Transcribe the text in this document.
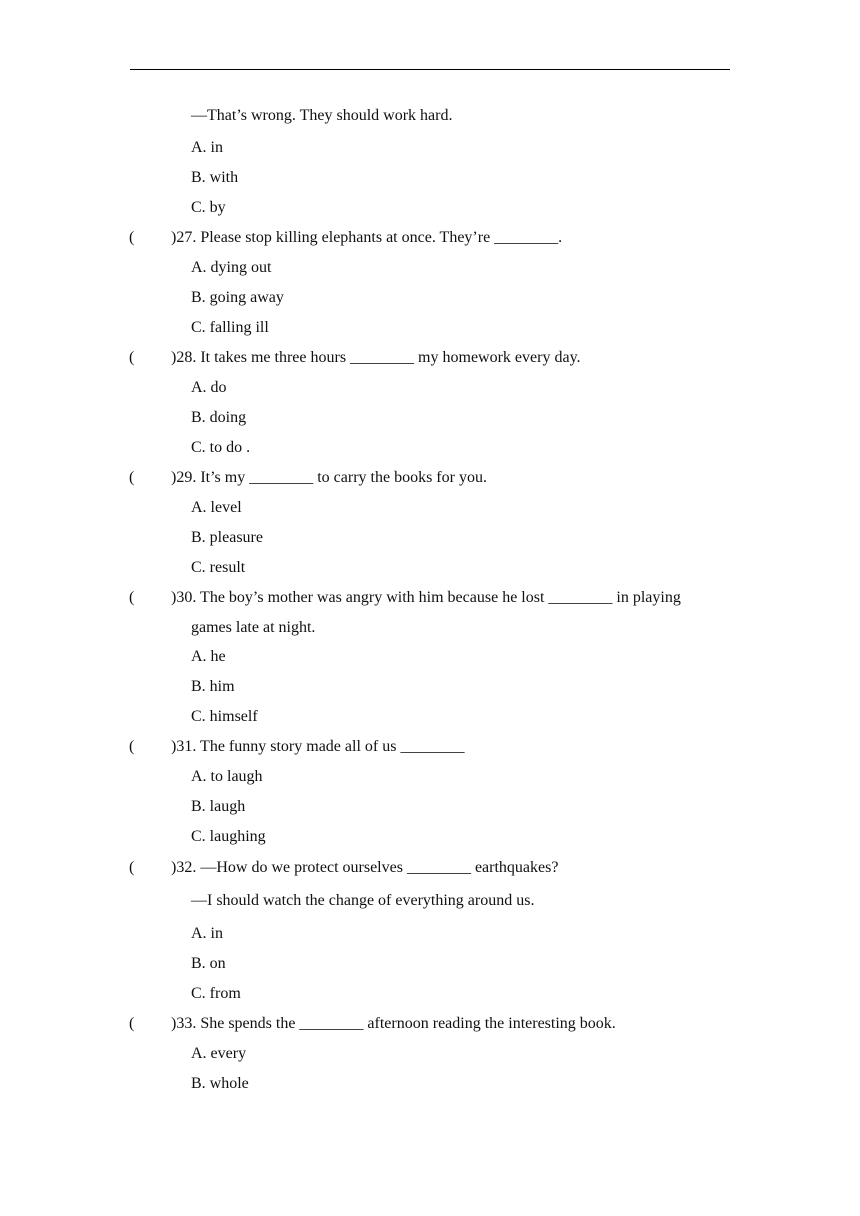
—That’s wrong. They should work hard.
A. in
B. with
C. by
( )27. Please stop killing elephants at once. They’re ________.
A. dying out
B. going away
C. falling ill
( )28. It takes me three hours ________ my homework every day.
A. do
B. doing
C. to do .
( )29. It’s my ________ to carry the books for you.
A. level
B. pleasure
C. result
( )30. The boy’s mother was angry with him because he lost ________ in playing
games late at night.
A. he
B. him
C. himself
( )31. The funny story made all of us ________
A. to laugh
B. laugh
C. laughing
( )32. —How do we protect ourselves ________ earthquakes?
—I should watch the change of everything around us.
A. in
B. on
C. from
( )33. She spends the ________ afternoon reading the interesting book.
A. every
B. whole
